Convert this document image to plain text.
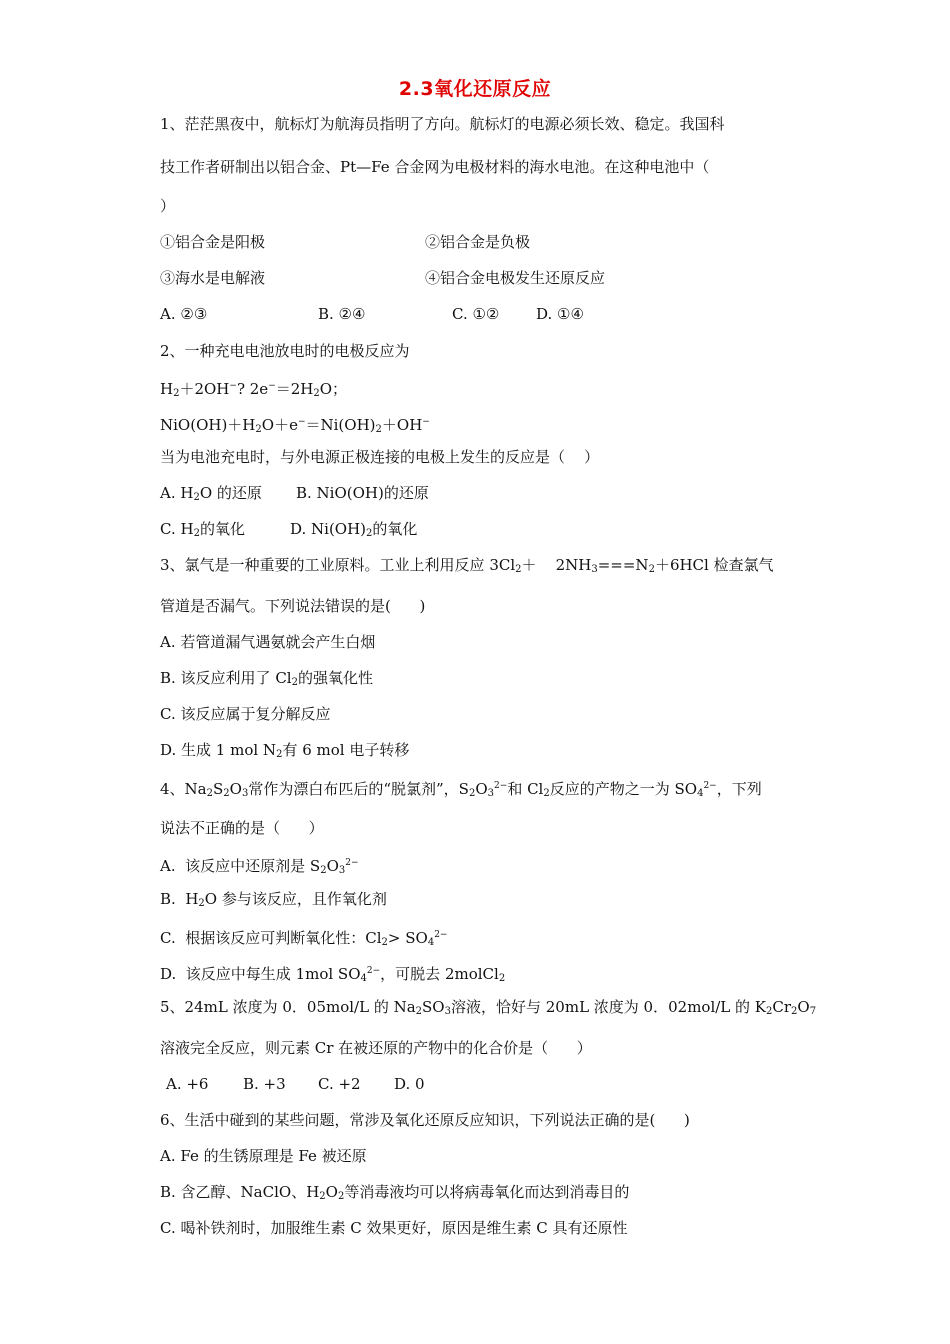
2.3氧化还原反应
1、茫茫黑夜中，航标灯为航海员指明了方向。航标灯的电源必须长效、稳定。我国科
技工作者研制出以铝合金、Pt—Fe 合金网为电极材料的海水电池。在这种电池中（
）
①铝合金是阳极	②铝合金是负极
③海水是电解液	④铝合金电极发生还原反应
A. ②③	B. ②④	C. ①② D. ①④
2、一种充电电池放电时的电极反应为
$H_2+2OH^-$? $2e^-=2H_2O$；
$NiO(OH)+H_2O+e^-=Ni(OH)_2+OH^-$
当为电池充电时，与外电源正极连接的电极上发生的反应是（    ）
A. $H_2O$ 的还原 B. NiO(OH)的还原
C. $H_2$的氧化	D. $Ni(OH)_2$的氧化
3、氯气是一种重要的工业原料。工业上利用反应 $3Cl_2+$    $2NH_3===N_2+6HCl$ 检查氯气
管道是否漏气。下列说法错误的是(      )
A. 若管道漏气遇氨就会产生白烟
B. 该反应利用了 $Cl_2$的强氧化性
C. 该反应属于复分解反应
D. 生成 1 mol $N_2$有 6 mol 电子转移
4、$Na_2S_2O_3$常作为漂白布匹后的“脱氯剂”，$S_2O_3^{2-}$和 $Cl_2$反应的产物之一为 $SO_4^{2-}$，下列
说法不正确的是（      ）
A.  该反应中还原剂是 $S_2O_3^{2-}$
B.  $H_2O$ 参与该反应，且作氧化剂
C.  根据该反应可判断氧化性：$Cl_2> SO_4^{2-}$
D.  该反应中每生成 1mol $SO_4^{2-}$，可脱去 2molCl$_2$
5、24mL 浓度为 0．05mol/L 的 $Na_2SO_3$溶液，恰好与 20mL 浓度为 0．02mol/L 的 $K_2Cr_2O_7$
溶液完全反应，则元素 Cr 在被还原的产物中的化合价是（      ）
A. +6 B. +3 C. +2 D. 0
6、生活中碰到的某些问题，常涉及氧化还原反应知识，下列说法正确的是(      )
A. Fe 的生锈原理是 Fe 被还原
B. 含乙醇、NaClO、$H_2O_2$等消毒液均可以将病毒氧化而达到消毒目的
C. 喝补铁剂时，加服维生素 C 效果更好，原因是维生素 C 具有还原性
